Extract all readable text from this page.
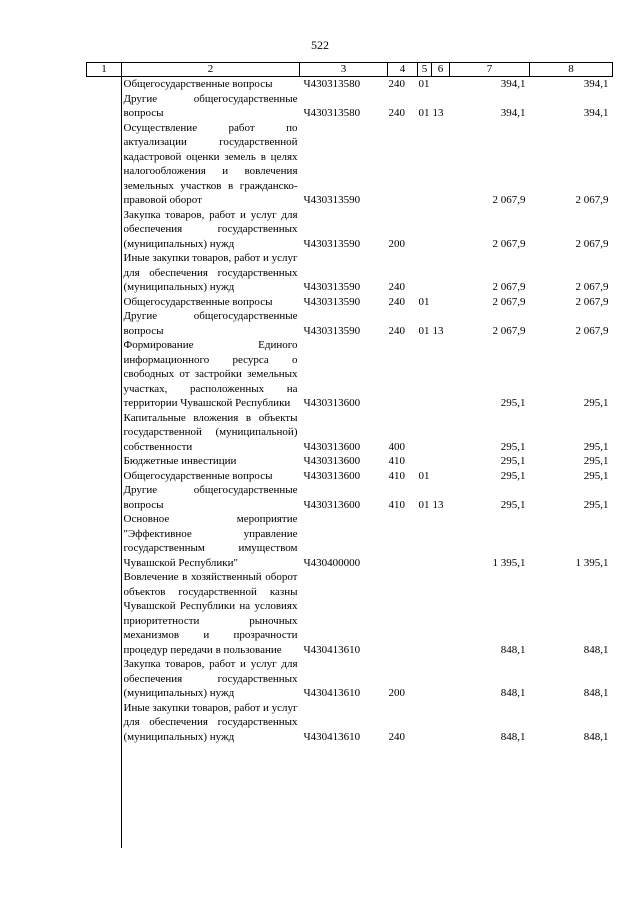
522
1	2	3	4	5	6	7	8
	Общегосударственные вопросы	Ч430313580	240	01		394,1	394,1
	Другие общегосударственные вопросы	Ч430313580	240	01	13	394,1	394,1
	Осуществление работ по актуализации государственной кадастровой оценки земель в целях налогообложения и вовлечения земельных участков в гражданско-правовой оборот	Ч430313590				2 067,9	2 067,9
	Закупка товаров, работ и услуг для обеспечения государственных (муниципальных) нужд	Ч430313590	200			2 067,9	2 067,9
	Иные закупки товаров, работ и услуг для обеспечения государственных (муниципальных) нужд	Ч430313590	240			2 067,9	2 067,9
	Общегосударственные вопросы	Ч430313590	240	01		2 067,9	2 067,9
	Другие общегосударственные вопросы	Ч430313590	240	01	13	2 067,9	2 067,9
	Формирование Единого информационного ресурса о свободных от застройки земельных участках, расположенных на территории Чувашской Республики	Ч430313600				295,1	295,1
	Капитальные вложения в объекты государственной (муниципальной) собственности	Ч430313600	400			295,1	295,1
	Бюджетные инвестиции	Ч430313600	410			295,1	295,1
	Общегосударственные вопросы	Ч430313600	410	01		295,1	295,1
	Другие общегосударственные вопросы	Ч430313600	410	01	13	295,1	295,1
	Основное мероприятие "Эффективное управление государственным имуществом Чувашской Республики"	Ч430400000				1 395,1	1 395,1
	Вовлечение в хозяйственный оборот объектов государственной казны Чувашской Республики на условиях приоритетности рыночных механизмов и прозрачности процедур передачи в пользование	Ч430413610				848,1	848,1
	Закупка товаров, работ и услуг для обеспечения государственных (муниципальных) нужд	Ч430413610	200			848,1	848,1
	Иные закупки товаров, работ и услуг для обеспечения государственных (муниципальных) нужд	Ч430413610	240			848,1	848,1
